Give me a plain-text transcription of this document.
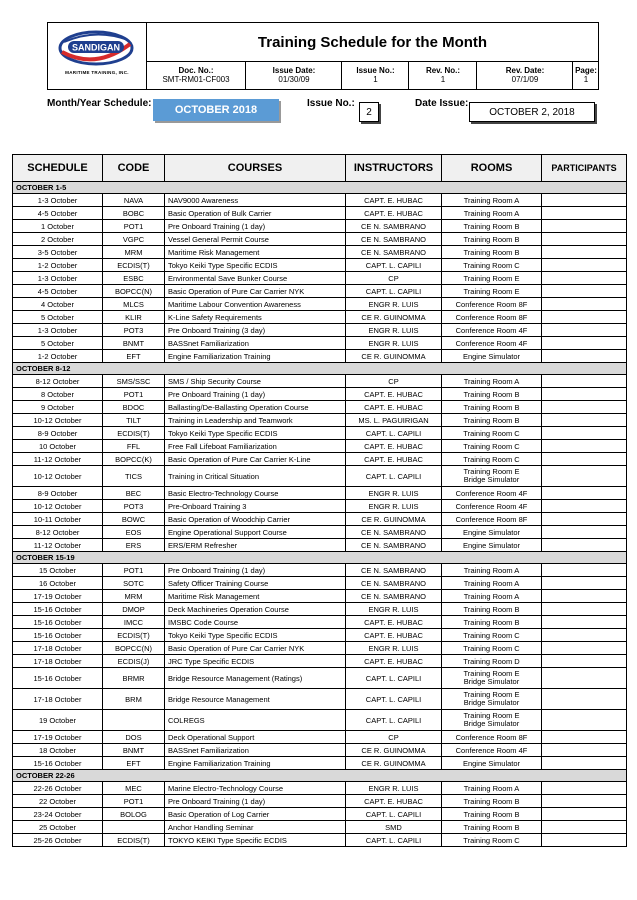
SANDIGAN
MARITIME TRAINING, INC.
Training Schedule for the Month
Doc. No.:
SMT-RM01-CF003
Issue Date:
01/30/09
Issue No.:
1
Rev. No.:
1
Rev. Date:
07/1/09
Page:
1
Month/Year Schedule:
OCTOBER 2018
Issue No.:
2
Date Issue:
OCTOBER 2, 2018
SCHEDULE	CODE	COURSES	INSTRUCTORS	ROOMS	PARTICIPANTS
OCTOBER 1-5					
1-3 October	NAVA	NAV9000 Awareness	CAPT. E. HUBAC	Training Room A	
4-5 October	BOBC	Basic Operation of Bulk Carrier	CAPT. E. HUBAC	Training Room A	
1 October	POT1	Pre Onboard Training (1 day)	CE N. SAMBRANO	Training Room B	
2 October	VGPC	Vessel General Permit Course	CE N. SAMBRANO	Training Room B	
3-5 October	MRM	Maritime Risk Management	CE N. SAMBRANO	Training Room B	
1-2 October	ECDIS(T)	Tokyo Keiki Type Specific ECDIS	CAPT. L. CAPILI	Training Room C	
1-3 October	ESBC	Environmental Save Bunker Course	CP	Training Room E	
4-5 October	BOPCC(N)	Basic Operation of Pure Car Carrier NYK	CAPT. L. CAPILI	Training Room E	
4 October	MLCS	Maritime Labour Convention Awareness	ENGR R. LUIS	Conference Room 8F	
5 October	KLIR	K-Line Safety Requirements	CE R. GUINOMMA	Conference Room 8F	
1-3 October	POT3	Pre Onboard Training (3 day)	ENGR R. LUIS	Conference Room 4F	
5 October	BNMT	BASSnet Familiarization	ENGR R. LUIS	Conference Room 4F	
1-2 October	EFT	Engine Familiarization Training	CE R. GUINOMMA	Engine Simulator	
OCTOBER 8-12					
8-12 October	SMS/SSC	SMS / Ship Security Course	CP	Training Room A	
8 October	POT1	Pre Onboard Training (1 day)	CAPT. E. HUBAC	Training Room B	
9 October	BDOC	Ballasting/De-Ballasting Operation Course	CAPT. E. HUBAC	Training Room B	
10-12 October	TILT	Training in Leadership and Teamwork	MS. L. PAGUIRIGAN	Training Room B	
8-9 October	ECDIS(T)	Tokyo Keiki Type Specific ECDIS	CAPT. L. CAPILI	Training Room C	
10 October	FFL	Free Fall Lifeboat Familiarization	CAPT. E. HUBAC	Training Room C	
11-12 October	BOPCC(K)	Basic Operation of Pure Car Carrier K-Line	CAPT. E. HUBAC	Training Room C	
10-12 October	TICS	Training in Critical Situation	CAPT. L. CAPILI	Training Room E
Bridge Simulator	
8-9 October	BEC	Basic Electro-Technology Course	ENGR R. LUIS	Conference Room 4F	
10-12 October	POT3	Pre-Onboard Training 3	ENGR R. LUIS	Conference Room 4F	
10-11 October	BOWC	Basic Operation of Woodchip Carrier	CE R. GUINOMMA	Conference Room 8F	
8-12 October	EOS	Engine Operational Support Course	CE N. SAMBRANO	Engine Simulator	
11-12 October	ERS	ERS/ERM Refresher	CE N. SAMBRANO	Engine Simulator	
OCTOBER 15-19					
15 October	POT1	Pre Onboard Training (1 day)	CE N. SAMBRANO	Training Room A	
16 October	SOTC	Safety Officer Training Course	CE N. SAMBRANO	Training Room A	
17-19 October	MRM	Maritime Risk Management	CE N. SAMBRANO	Training Room A	
15-16 October	DMOP	Deck Machineries Operation Course	ENGR R. LUIS	Training Room B	
15-16 October	IMCC	IMSBC Code Course	CAPT. E. HUBAC	Training Room B	
15-16 October	ECDIS(T)	Tokyo Keiki Type Specific ECDIS	CAPT. E. HUBAC	Training Room C	
17-18 October	BOPCC(N)	Basic Operation of Pure Car Carrier NYK	ENGR R. LUIS	Training Room C	
17-18 October	ECDIS(J)	JRC Type Specific ECDIS	CAPT. E. HUBAC	Training Room D	
15-16 October	BRMR	Bridge Resource Management (Ratings)	CAPT. L. CAPILI	Training Room E
Bridge Simulator	
17-18 October	BRM	Bridge Resource Management	CAPT. L. CAPILI	Training Room E
Bridge Simulator	
19 October		COLREGS	CAPT. L. CAPILI	Training Room E
Bridge Simulator	
17-19 October	DOS	Deck Operational Support	CP	Conference Room 8F	
18 October	BNMT	BASSnet Familiarization	CE R. GUINOMMA	Conference Room 4F	
15-16 October	EFT	Engine Familiarization Training	CE R. GUINOMMA	Engine Simulator	
OCTOBER 22-26					
22-26 October	MEC	Marine Electro-Technology Course	ENGR R. LUIS	Training Room A	
22 October	POT1	Pre Onboard Training (1 day)	CAPT. E. HUBAC	Training Room B	
23-24 October	BOLOG	Basic Operation of Log Carrier	CAPT. L. CAPILI	Training Room B	
25 October		Anchor Handling Seminar	SMD	Training Room B	
25-26 October	ECDIS(T)	TOKYO KEIKI Type Specific ECDIS	CAPT. L. CAPILI	Training Room C	
